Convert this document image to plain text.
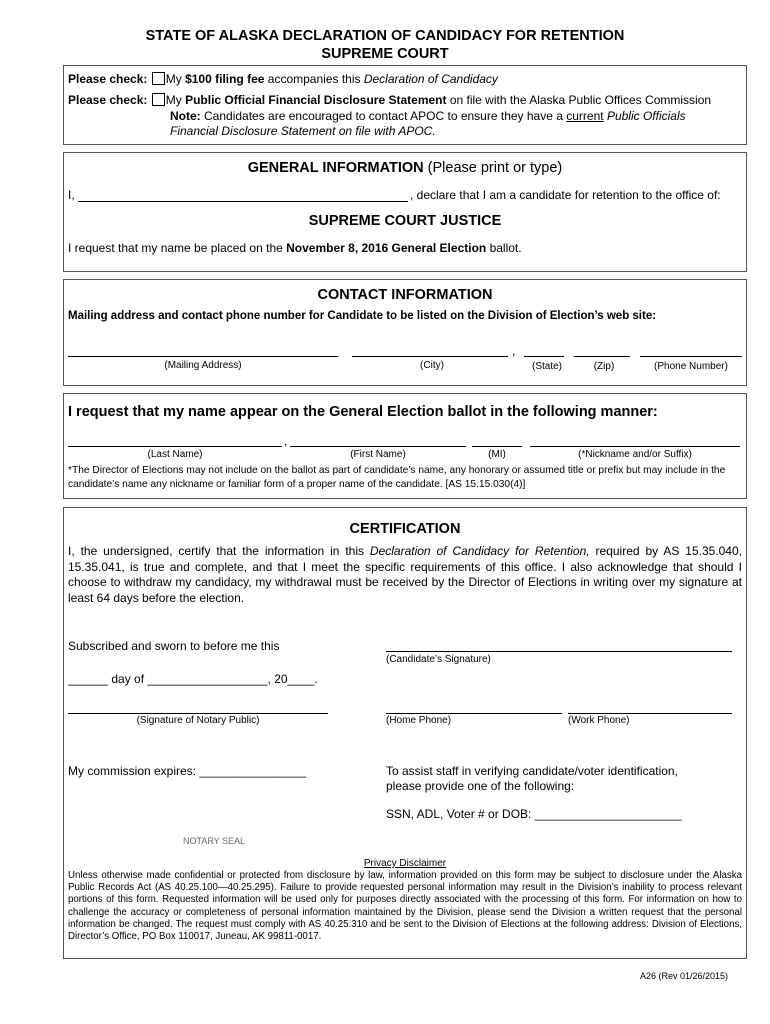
STATE OF ALASKA DECLARATION OF CANDIDACY FOR RETENTION
SUPREME COURT
Please check: My $100 filing fee accompanies this Declaration of Candidacy
Please check: My Public Official Financial Disclosure Statement on file with the Alaska Public Offices Commission
Note: Candidates are encouraged to contact APOC to ensure they have a current Public Officials
Financial Disclosure Statement on file with APOC.
GENERAL INFORMATION (Please print or type)
I,	, declare that I am a candidate for retention to the office of:
SUPREME COURT JUSTICE
I request that my name be placed on the November 8, 2016 General Election ballot.
CONTACT INFORMATION
Mailing address and contact phone number for Candidate to be listed on the Division of Election’s web site:
,
(Mailing Address)	(City)	(State)	(Zip)	(Phone Number)
I request that my name appear on the General Election ballot in the following manner:
,
(Last Name)	(First Name)	(MI)	(*Nickname and/or Suffix)
*The Director of Elections may not include on the ballot as part of candidate’s name, any honorary or assumed title or prefix but may include in the candidate’s name any nickname or familiar form of a proper name of the candidate. [AS 15.15.030(4)]
CERTIFICATION
I, the undersigned, certify that the information in this Declaration of Candidacy for Retention, required by AS 15.35.040, 15.35.041, is true and complete, and that I meet the specific requirements of this office. I also acknowledge that should I choose to withdraw my candidacy, my withdrawal must be received by the Director of Elections in writing over my signature at least 64 days before the election.
Subscribed and sworn to before me this
(Candidate’s Signature)
______ day of __________________, 20____.
(Signature of Notary Public)	(Home Phone)	(Work Phone)
My commission expires: ________________	To assist staff in verifying candidate/voter identification,
please provide one of the following:
SSN, ADL, Voter # or DOB: ______________________
NOTARY SEAL
Privacy Disclaimer
Unless otherwise made confidential or protected from disclosure by law, information provided on this form may be subject to disclosure under the Alaska Public Records Act (AS 40.25.100—40.25.295). Failure to provide requested personal information may result in the Division’s inability to process relevant portions of this form. Requested information will be used only for purposes directly associated with the processing of this form. For information on how to challenge the accuracy or completeness of personal information maintained by the Division, please send the Division a written request that the personal information be changed. The request must comply with AS 40.25.310 and be sent to the Division of Elections at the following address: Division of Elections, Director’s Office, PO Box 110017, Juneau, AK 99811-0017.
A26 (Rev 01/26/2015)
